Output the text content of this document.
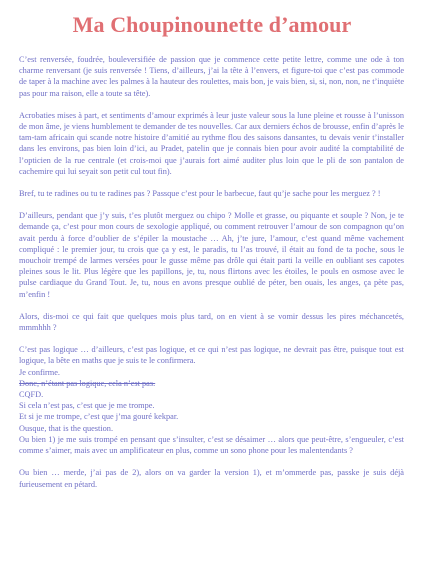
Ma Choupinounette d’amour

C’est renversée, foudrée, bouleversifiée de passion que je commence cette petite lettre, comme une ode à ton charme renversant (je suis renversée ! Tiens, d’ailleurs, j’ai la tête à l’envers, et figure-toi que c’est pas commode de taper à la machine avec les palmes à la hauteur des roulettes, mais bon, je vais bien, si, si, non, non, ne t’inquiète pas pour ma raison, elle a toute sa tête).

Acrobaties mises à part, et sentiments d’amour exprimés à leur juste valeur sous la lune pleine et rousse à l’unisson de mon âme, je viens humblement te demander de tes nouvelles. Car aux derniers échos de brousse, enfin d’après le tam-tam africain qui scande notre histoire d’amitié au rythme flou des saisons dansantes, tu devais venir t’installer dans les environs, pas bien loin d’ici, au Pradet, patelin que je connais bien pour avoir audité la comptabilité de l’opticien de la rue centrale (et crois-moi que j’aurais fort aimé auditer plus loin que le pli de son pantalon de cachemire qui lui seyait son petit cul tout fin).

Bref, tu te radines ou tu te radines pas ? Passque c’est pour le barbecue, faut qu’je sache pour les merguez ? !

D’ailleurs, pendant que j’y suis, t’es plutôt merguez ou chipo ? Molle et grasse, ou piquante et souple ? Non, je te demande ça, c’est pour mon cours de sexologie appliqué, ou comment retrouver l’amour de son compagnon qu’on avait perdu à force d’oublier de s’épiler la moustache … Ah, j’te jure, l’amour, c’est quand même vachement compliqué : le premier jour, tu crois que ça y est, le paradis, tu l’as trouvé, il était au fond de ta poche, sous le mouchoir trempé de larmes versées pour le gusse même pas drôle qui était parti la veille en oubliant ses capotes pleines sous le lit. Plus légère que les papillons, je, tu, nous flirtons avec les étoiles, le pouls en osmose avec le pulse cardiaque du Grand Tout. Je, tu, nous en avons presque oublié de péter, ben ouais, les anges, ça pète pas, m’enfin !

Alors, dis-moi ce qui fait que quelques mois plus tard, on en vient à se vomir dessus les pires méchancetés, mmmhhh ?

C’est pas logique … d’ailleurs, c’est pas logique, et ce qui n’est pas logique, ne devrait pas être, puisque tout est logique, la bête en maths que je suis te le confirmera.

Je confirme.
Donc, n’étant pas logique, cela n’est pas.
CQFD.
Si cela n’est pas, c’est que je me trompe.
Et si je me trompe, c’est que j’ma gouré kekpar.
Ousque, that is the question.

Ou bien 1) je me suis trompé en pensant que s’insulter, c’est se désaimer … alors que peut-être, s’engueuler, c’est comme s’aimer, mais avec un amplificateur en plus, comme un sono phone pour les malentendants ?

Ou bien … merde, j’ai pas de 2), alors on va garder la version 1), et m’ommerde pas, passke je suis déjà furieusement en pétard.
